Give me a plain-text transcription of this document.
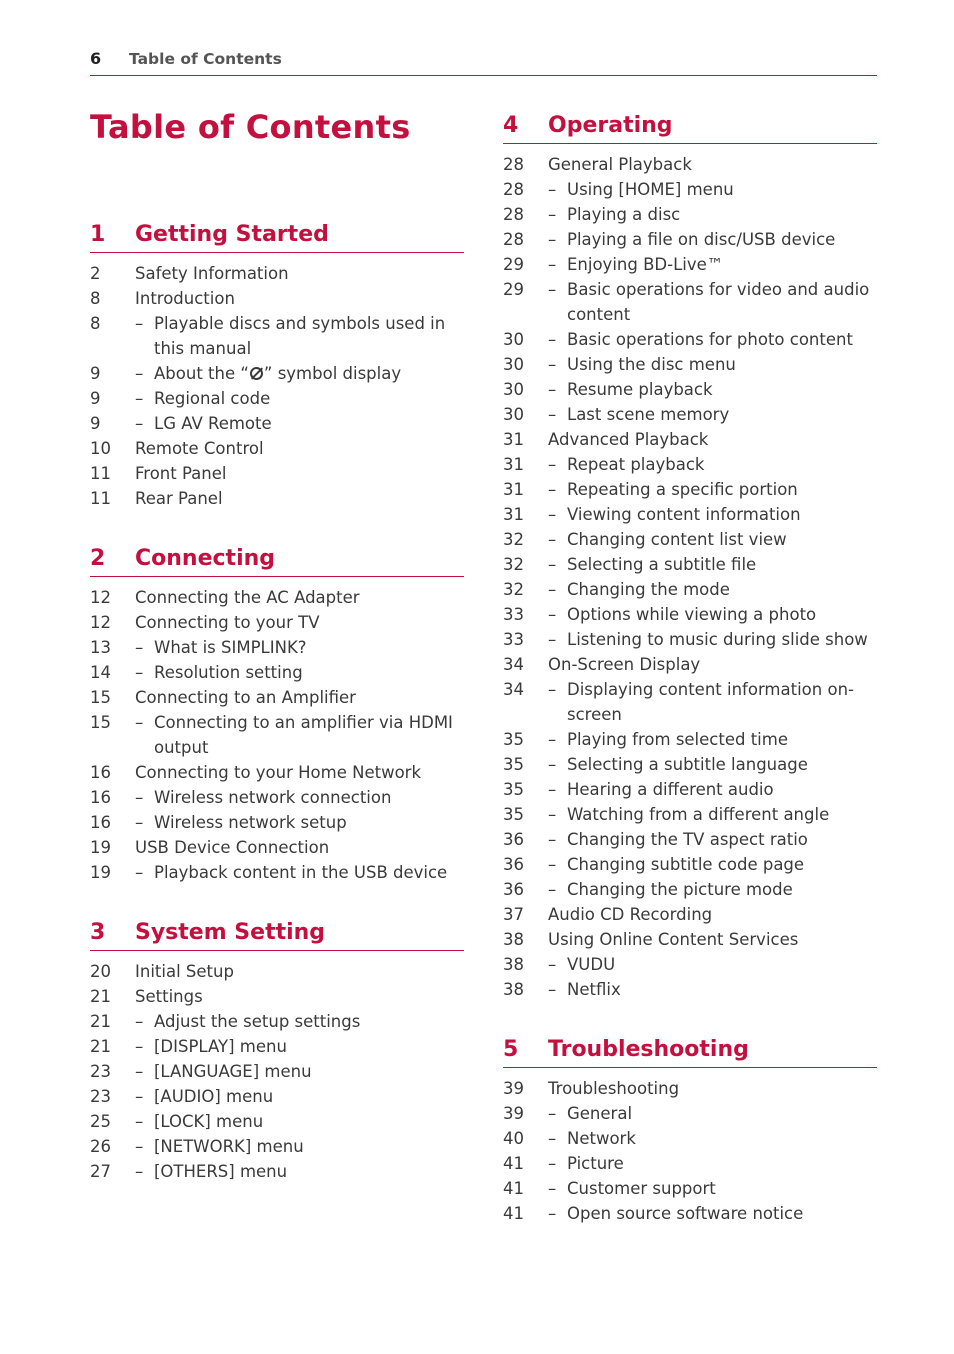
6 Table of Contents
Table of Contents
1 Getting Started
2 Safety Information
8 Introduction
8	– Playable discs and symbols used in this manual
9	– About the “ ” symbol display
9	– Regional code
9	– LG AV Remote
10 Remote Control
11 Front Panel
11 Rear Panel
2 Connecting
12 Connecting the AC Adapter
12 Connecting to your TV
13	– What is SIMPLINK?
14	– Resolution setting
15 Connecting to an Amplifier
15	– Connecting to an amplifier via HDMI output
16 Connecting to your Home Network
16	– Wireless network connection
16	– Wireless network setup
19 USB Device Connection
19	– Playback content in the USB device
3 System Setting
20 Initial Setup
21 Settings
21	– Adjust the setup settings
21	– [DISPLAY] menu
23	– [LANGUAGE] menu
23	– [AUDIO] menu
25	– [LOCK] menu
26	– [NETWORK] menu
27	– [OTHERS] menu
4 Operating
28 General Playback
28	– Using [HOME] menu
28	– Playing a disc
28	– Playing a file on disc/USB device
29	– Enjoying BD-Live™
29	– Basic operations for video and audio content
30	– Basic operations for photo content
30	– Using the disc menu
30	– Resume playback
30	– Last scene memory
31 Advanced Playback
31	– Repeat playback
31	– Repeating a specific portion
31	– Viewing content information
32	– Changing content list view
32	– Selecting a subtitle file
32	– Changing the mode
33	– Options while viewing a photo
33	– Listening to music during slide show
34 On-Screen Display
34	– Displaying content information on-screen
35	– Playing from selected time
35	– Selecting a subtitle language
35	– Hearing a different audio
35	– Watching from a different angle
36	– Changing the TV aspect ratio
36	– Changing subtitle code page
36	– Changing the picture mode
37 Audio CD Recording
38 Using Online Content Services
38	– VUDU
38	– Netflix
5 Troubleshooting
39 Troubleshooting
39	– General
40	– Network
41	– Picture
41	– Customer support
41	– Open source software notice
